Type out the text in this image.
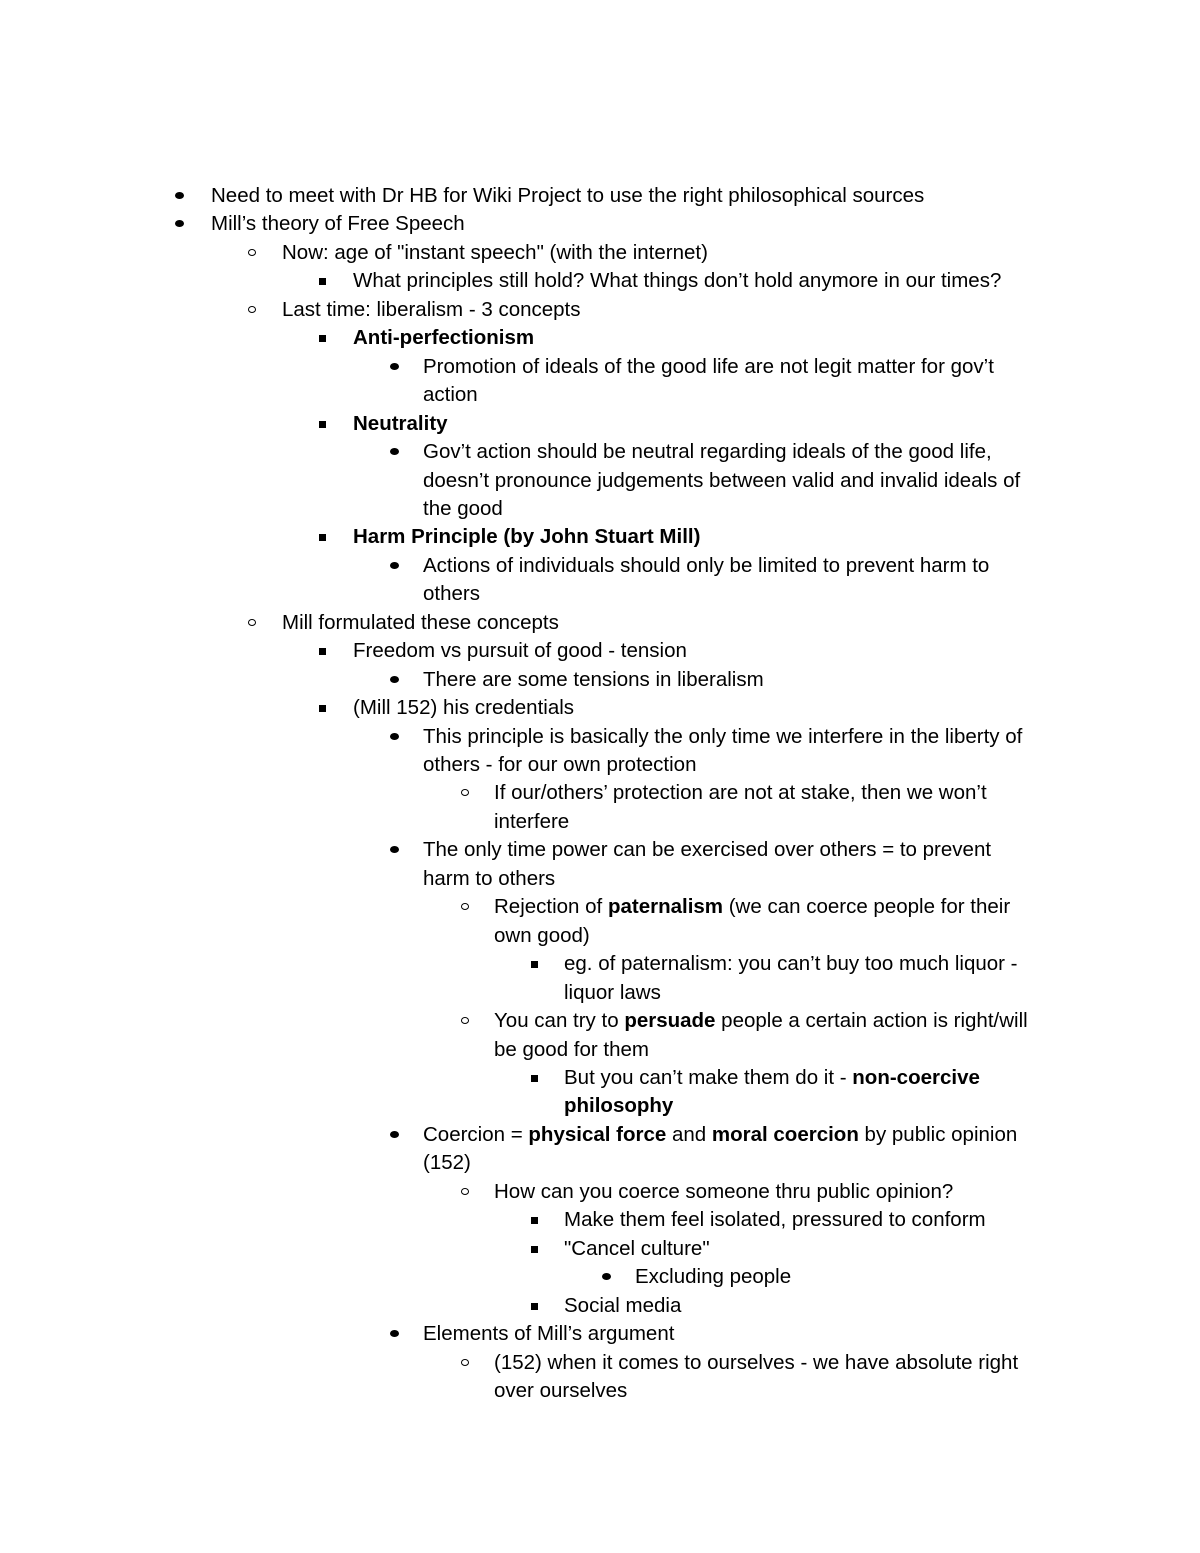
Need to meet with Dr HB for Wiki Project to use the right philosophical sources
Mill’s theory of Free Speech
Now: age of "instant speech" (with the internet)
What principles still hold? What things don’t hold anymore in our times?
Last time: liberalism - 3 concepts
Anti-perfectionism
Promotion of ideals of the good life are not legit matter for gov’t
action
Neutrality
Gov’t action should be neutral regarding ideals of the good life,
doesn’t pronounce judgements between valid and invalid ideals of
the good
Harm Principle (by John Stuart Mill)
Actions of individuals should only be limited to prevent harm to
others
Mill formulated these concepts
Freedom vs pursuit of good - tension
There are some tensions in liberalism
(Mill 152) his credentials
This principle is basically the only time we interfere in the liberty of
others - for our own protection
If our/others’ protection are not at stake, then we won’t
interfere
The only time power can be exercised over others = to prevent
harm to others
Rejection of paternalism (we can coerce people for their
own good)
eg. of paternalism: you can’t buy too much liquor -
liquor laws
You can try to persuade people a certain action is right/will
be good for them
But you can’t make them do it - non-coercive
philosophy
Coercion = physical force and moral coercion by public opinion
(152)
How can you coerce someone thru public opinion?
Make them feel isolated, pressured to conform
"Cancel culture"
Excluding people
Social media
Elements of Mill’s argument
(152) when it comes to ourselves - we have absolute right
over ourselves
